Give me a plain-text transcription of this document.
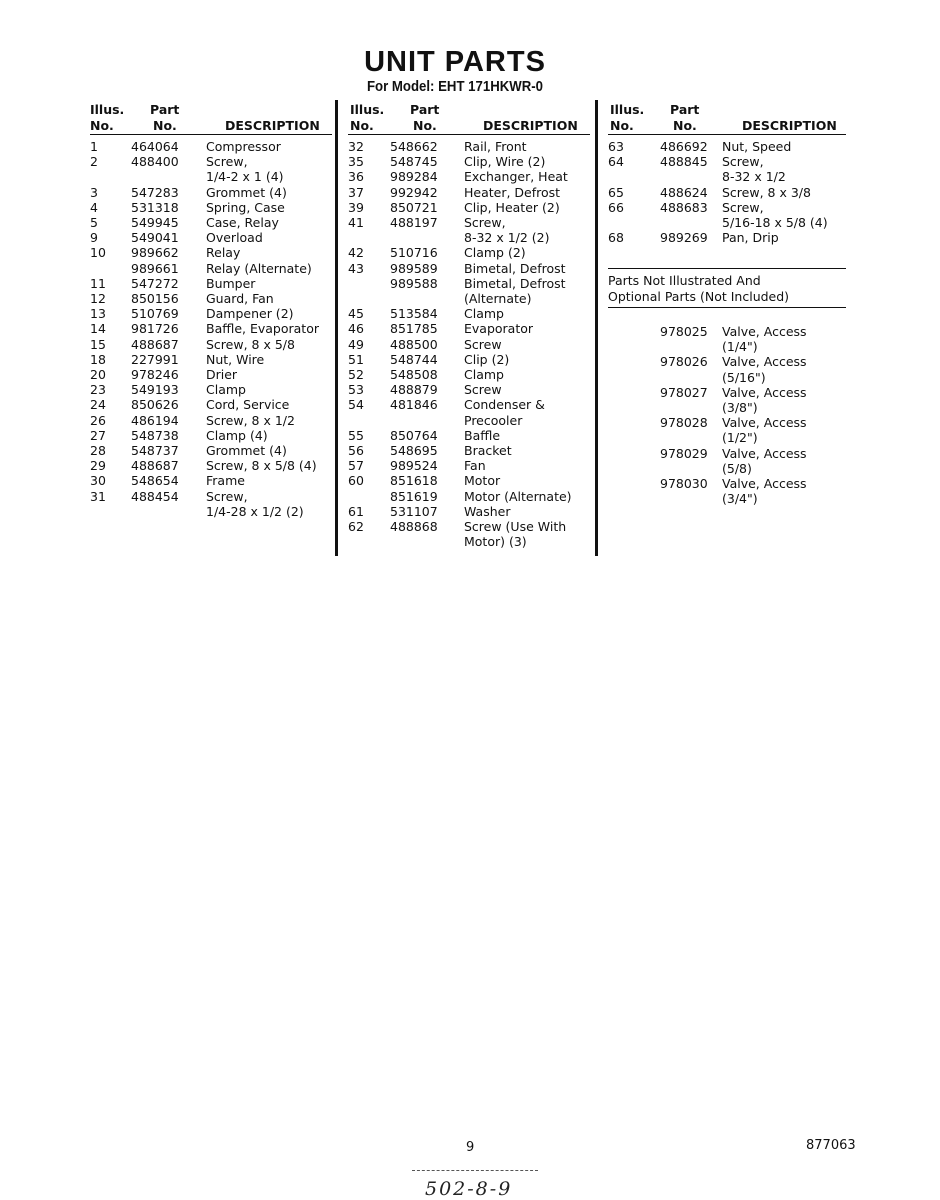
UNIT PARTS
For Model: EHT 171HKWR-0
Illus.
No.
Part
No.	DESCRIPTION
1	464064	Compressor
2	488400	Screw,
1/4-2 x 1 (4)
3	547283	Grommet (4)
4	531318	Spring, Case
5	549945	Case, Relay
9	549041	Overload
10	989662	Relay
989661	Relay (Alternate)
11	547272	Bumper
12	850156	Guard, Fan
13	510769	Dampener (2)
14	981726	Baffle, Evaporator
15	488687	Screw, 8 x 5/8
18	227991	Nut, Wire
20	978246	Drier
23	549193	Clamp
24	850626	Cord, Service
26	486194	Screw, 8 x 1/2
27	548738	Clamp (4)
28	548737	Grommet (4)
29	488687	Screw, 8 x 5/8 (4)
30	548654	Frame
31	488454	Screw,
1/4-28 x 1/2 (2)
Illus.
No.
Part
No.	DESCRIPTION
32	548662	Rail, Front
35	548745	Clip, Wire (2)
36	989284	Exchanger, Heat
37	992942	Heater, Defrost
39	850721	Clip, Heater (2)
41	488197	Screw,
8-32 x 1/2 (2)
42	510716	Clamp (2)
43	989589	Bimetal, Defrost
989588	Bimetal, Defrost
(Alternate)
45	513584	Clamp
46	851785	Evaporator
49	488500	Screw
51	548744	Clip (2)
52	548508	Clamp
53	488879	Screw
54	481846	Condenser &
Precooler
55	850764	Baffle
56	548695	Bracket
57	989524	Fan
60	851618	Motor
851619	Motor (Alternate)
61	531107	Washer
62	488868	Screw (Use With
Motor) (3)
Illus.
No.
Part
No.	DESCRIPTION
63	486692	Nut, Speed
64	488845	Screw,
8-32 x 1/2
65	488624	Screw, 8 x 3/8
66	488683	Screw,
5/16-18 x 5/8 (4)
68	989269	Pan, Drip
Parts Not Illustrated And
Optional Parts (Not Included)
978025	Valve, Access
(1/4")
978026	Valve, Access
(5/16")
978027	Valve, Access
(3/8")
978028	Valve, Access
(1/2")
978029	Valve, Access
(5/8)
978030	Valve, Access
(3/4")
9	877063
502-8-9
